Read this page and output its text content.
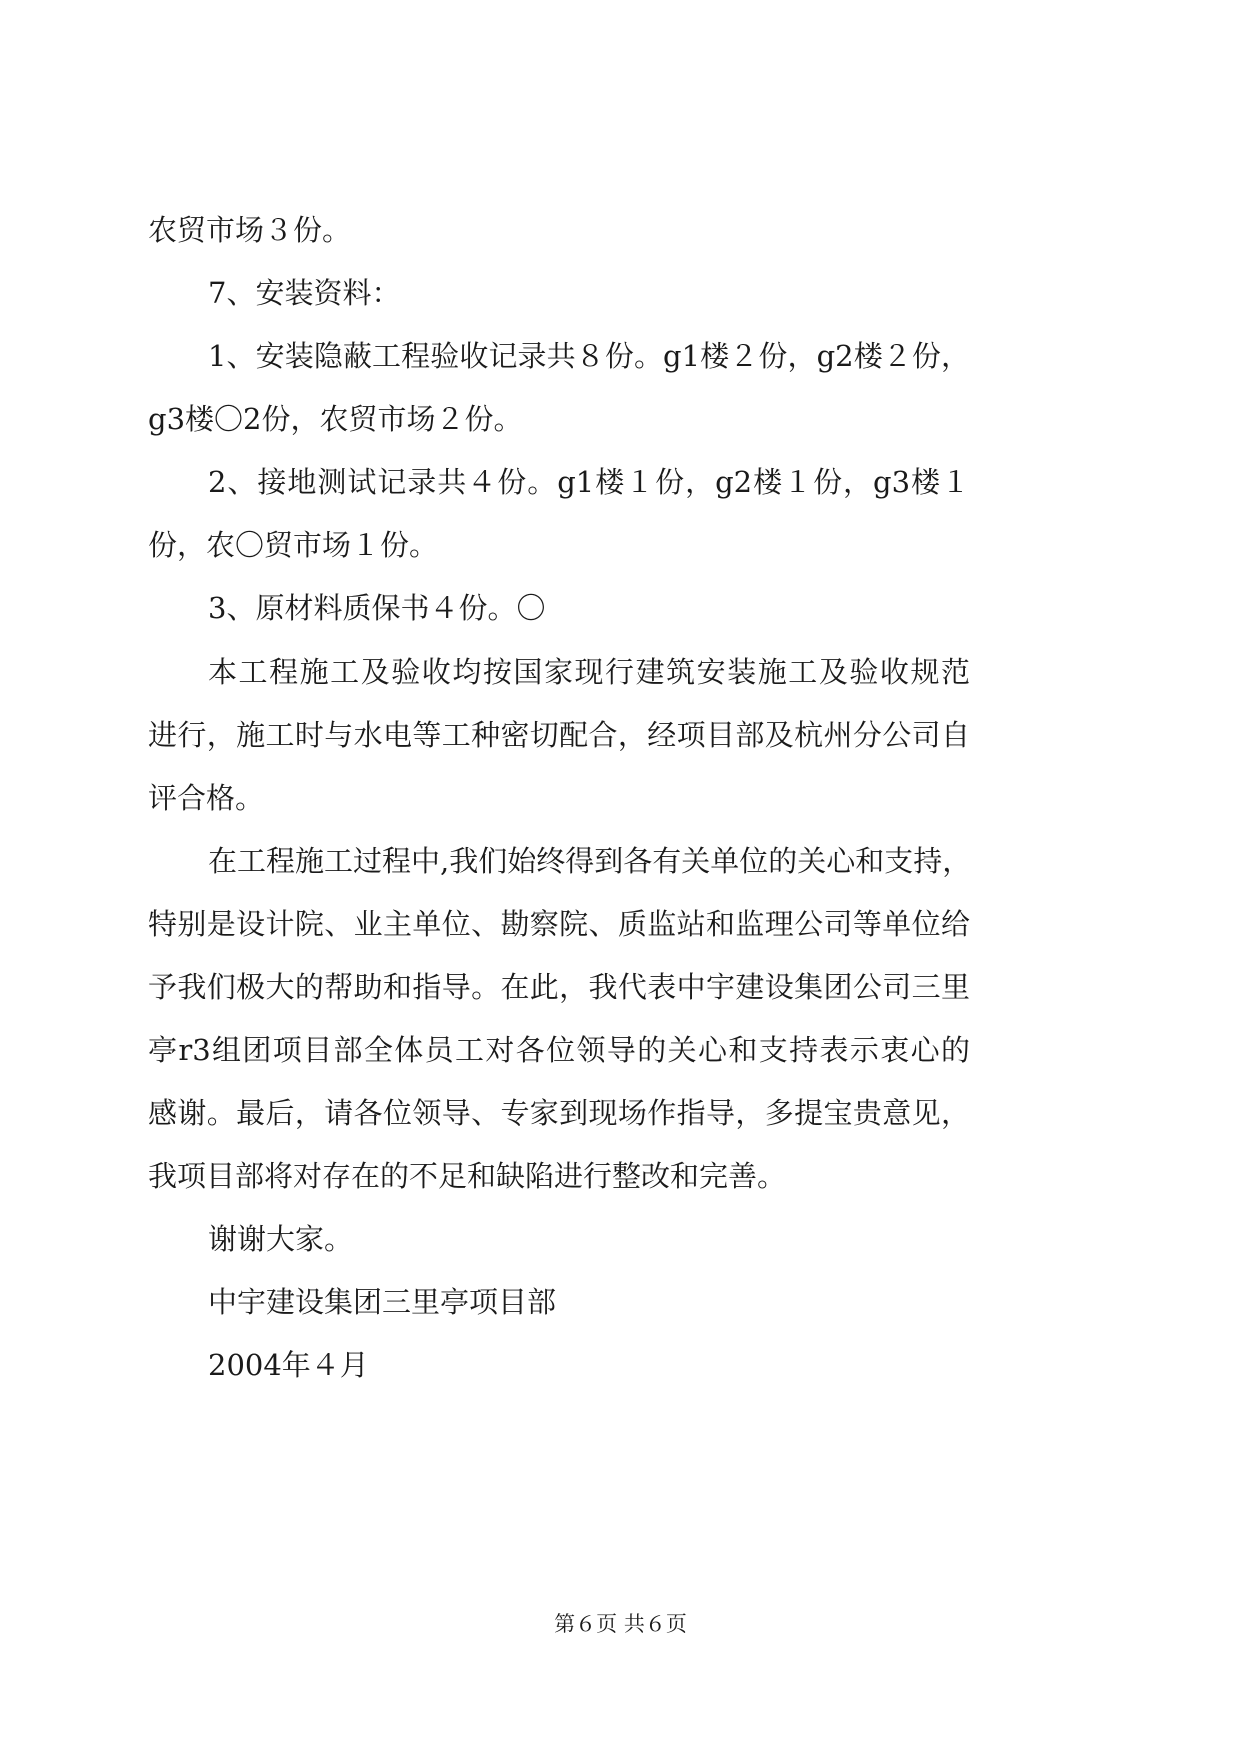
农贸市场３份。
7、安装资料：
1、安装隐蔽工程验收记录共８份。g1楼２份，g2楼２份，
g3楼〇2份，农贸市场２份。
2、接地测试记录共４份。g1楼１份，g2楼１份，g3楼１
份，农〇贸市场１份。
3、原材料质保书４份。〇
本工程施工及验收均按国家现行建筑安装施工及验收规范
进行，施工时与水电等工种密切配合，经项目部及杭州分公司自
评合格。
在工程施工过程中,我们始终得到各有关单位的关心和支持，
特别是设计院、业主单位、勘察院、质监站和监理公司等单位给
予我们极大的帮助和指导。在此，我代表中宇建设集团公司三里
亭r3组团项目部全体员工对各位领导的关心和支持表示衷心的
感谢。最后，请各位领导、专家到现场作指导，多提宝贵意见，
我项目部将对存在的不足和缺陷进行整改和完善。
谢谢大家。
中宇建设集团三里亭项目部
2004年４月
第６页 共６页
